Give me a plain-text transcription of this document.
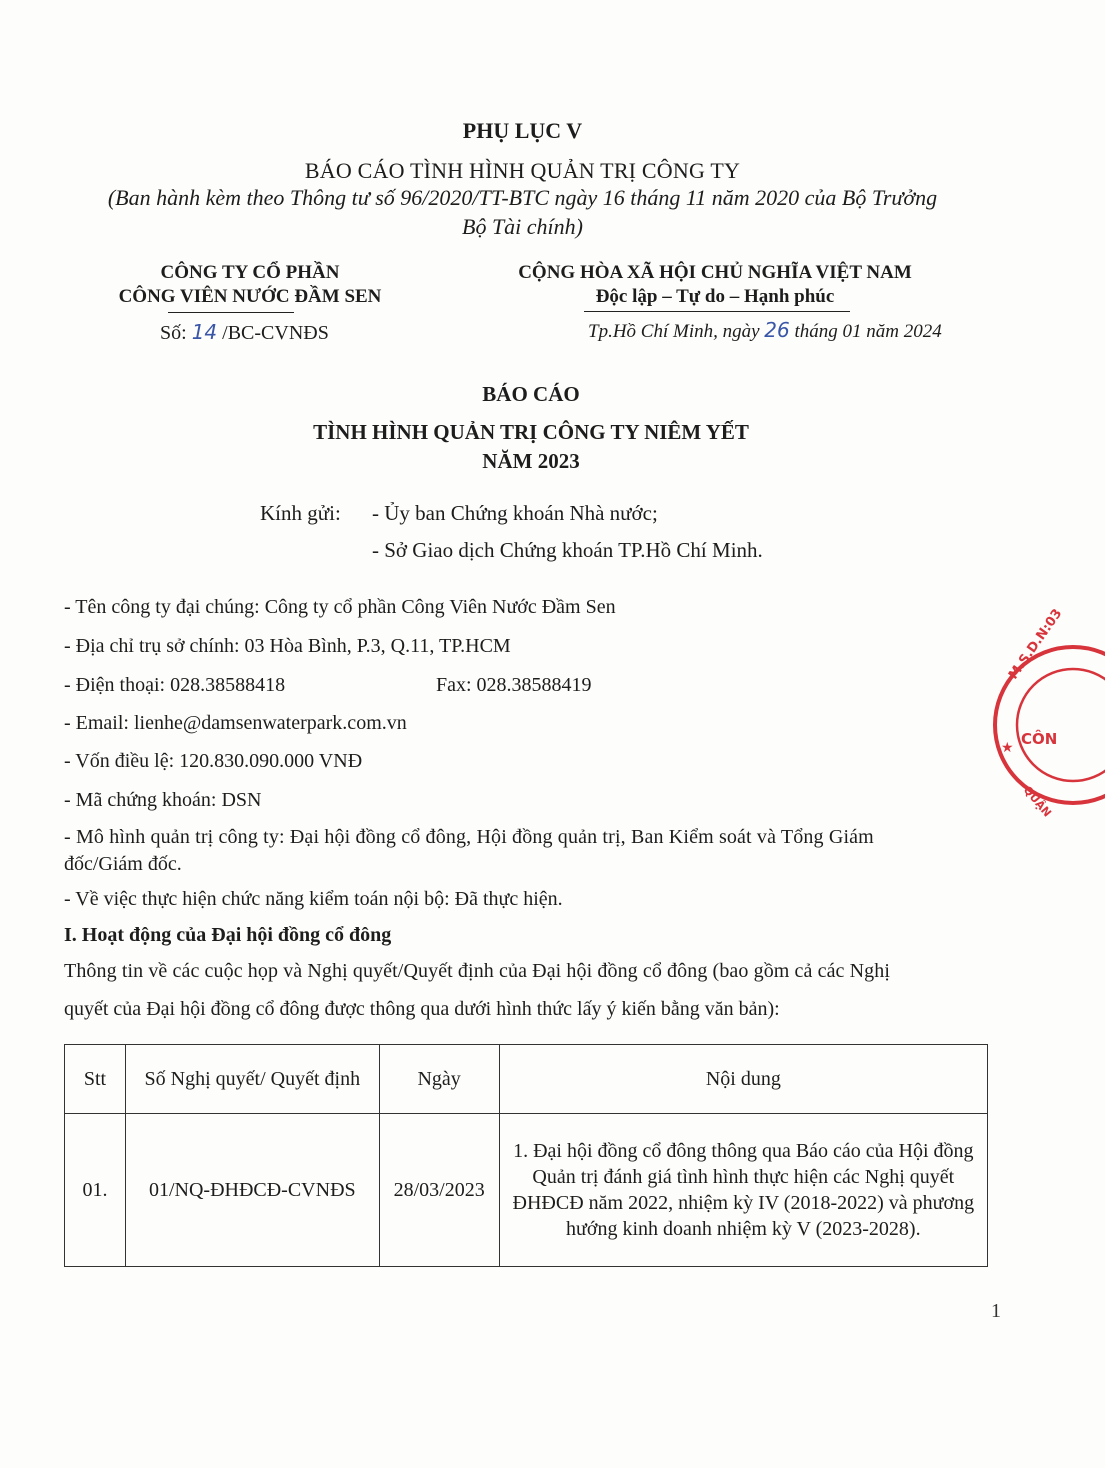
PHỤ LỤC V
BÁO CÁO TÌNH HÌNH QUẢN TRỊ CÔNG TY
(Ban hành kèm theo Thông tư số 96/2020/TT-BTC ngày 16 tháng 11 năm 2020 của Bộ Trưởng
Bộ Tài chính)
CÔNG TY CỔ PHẦN
CÔNG VIÊN NƯỚC ĐẦM SEN
Số: 14 /BC-CVNĐS
CỘNG HÒA XÃ HỘI CHỦ NGHĨA VIỆT NAM
Độc lập – Tự do – Hạnh phúc
Tp.Hồ Chí Minh, ngày 26 tháng 01 năm 2024
BÁO CÁO
TÌNH HÌNH QUẢN TRỊ CÔNG TY NIÊM YẾT
NĂM 2023
Kính gửi: - Ủy ban Chứng khoán Nhà nước;
- Sở Giao dịch Chứng khoán TP.Hồ Chí Minh.
- Tên công ty đại chúng: Công ty cổ phần Công Viên Nước Đầm Sen
- Địa chỉ trụ sở chính: 03 Hòa Bình, P.3, Q.11, TP.HCM
- Điện thoại: 028.38588418	Fax: 028.38588419
- Email: lienhe@damsenwaterpark.com.vn
- Vốn điều lệ: 120.830.090.000 VNĐ
- Mã chứng khoán: DSN
- Mô hình quản trị công ty: Đại hội đồng cổ đông, Hội đồng quản trị, Ban Kiểm soát và Tổng Giám
đốc/Giám đốc.
- Về việc thực hiện chức năng kiểm toán nội bộ: Đã thực hiện.
I. Hoạt động của Đại hội đồng cổ đông
Thông tin về các cuộc họp và Nghị quyết/Quyết định của Đại hội đồng cổ đông (bao gồm cả các Nghị
quyết của Đại hội đồng cổ đông được thông qua dưới hình thức lấy ý kiến bằng văn bản):
Stt	Số Nghị quyết/ Quyết định	Ngày	Nội dung
01.	01/NQ-ĐHĐCĐ-CVNĐS	28/03/2023	1. Đại hội đồng cổ đông thông qua Báo cáo của Hội đồng Quản trị đánh giá tình hình thực hiện các Nghị quyết ĐHĐCĐ năm 2022, nhiệm kỳ IV (2018-2022) và phương hướng kinh doanh nhiệm kỳ V (2023-2028).
1
M.S.D.N:03
CÔN
★
QUẬN
